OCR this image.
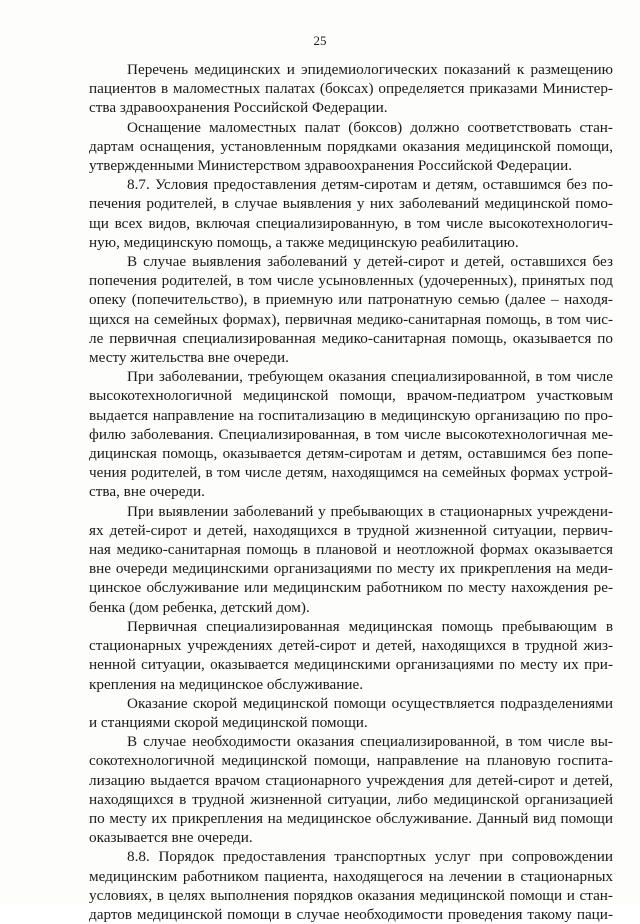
25
Перечень медицинских и эпидемиологических показаний к размещению
пациентов в маломестных палатах (боксах) определяется приказами Министер-
ства здравоохранения Российской Федерации.
Оснащение маломестных палат (боксов) должно соответствовать стан-
дартам оснащения, установленным порядками оказания медицинской помощи,
утвержденными Министерством здравоохранения Российской Федерации.
8.7. Условия предоставления детям-сиротам и детям, оставшимся без по-
печения родителей, в случае выявления у них заболеваний медицинской помо-
щи всех видов, включая специализированную, в том числе высокотехнологич-
ную, медицинскую помощь, а также медицинскую реабилитацию.
В случае выявления заболеваний у детей-сирот и детей, оставшихся без
попечения родителей, в том числе усыновленных (удочеренных), принятых под
опеку (попечительство), в приемную или патронатную семью (далее – находя-
щихся на семейных формах), первичная медико-санитарная помощь, в том чис-
ле первичная специализированная медико-санитарная помощь, оказывается по
месту жительства вне очереди.
При заболевании, требующем оказания специализированной, в том числе
высокотехнологичной медицинской помощи, врачом-педиатром участковым
выдается направление на госпитализацию в медицинскую организацию по про-
филю заболевания. Специализированная, в том числе высокотехнологичная ме-
дицинская помощь, оказывается детям-сиротам и детям, оставшимся без попе-
чения родителей, в том числе детям, находящимся на семейных формах устрой-
ства, вне очереди.
При выявлении заболеваний у пребывающих в стационарных учреждени-
ях детей-сирот и детей, находящихся в трудной жизненной ситуации, первич-
ная медико-санитарная помощь в плановой и неотложной формах оказывается
вне очереди медицинскими организациями по месту их прикрепления на меди-
цинское обслуживание или медицинским работником по месту нахождения ре-
бенка (дом ребенка, детский дом).
Первичная специализированная медицинская помощь пребывающим в
стационарных учреждениях детей-сирот и детей, находящихся в трудной жиз-
ненной ситуации, оказывается медицинскими организациями по месту их при-
крепления на медицинское обслуживание.
Оказание скорой медицинской помощи осуществляется подразделениями
и станциями скорой медицинской помощи.
В случае необходимости оказания специализированной, в том числе вы-
сокотехнологичной медицинской помощи, направление на плановую госпита-
лизацию выдается врачом стационарного учреждения для детей-сирот и детей,
находящихся в трудной жизненной ситуации, либо медицинской организацией
по месту их прикрепления на медицинское обслуживание. Данный вид помощи
оказывается вне очереди.
8.8. Порядок предоставления транспортных услуг при сопровождении
медицинским работником пациента, находящегося на лечении в стационарных
условиях, в целях выполнения порядков оказания медицинской помощи и стан-
дартов медицинской помощи в случае необходимости проведения такому паци-
